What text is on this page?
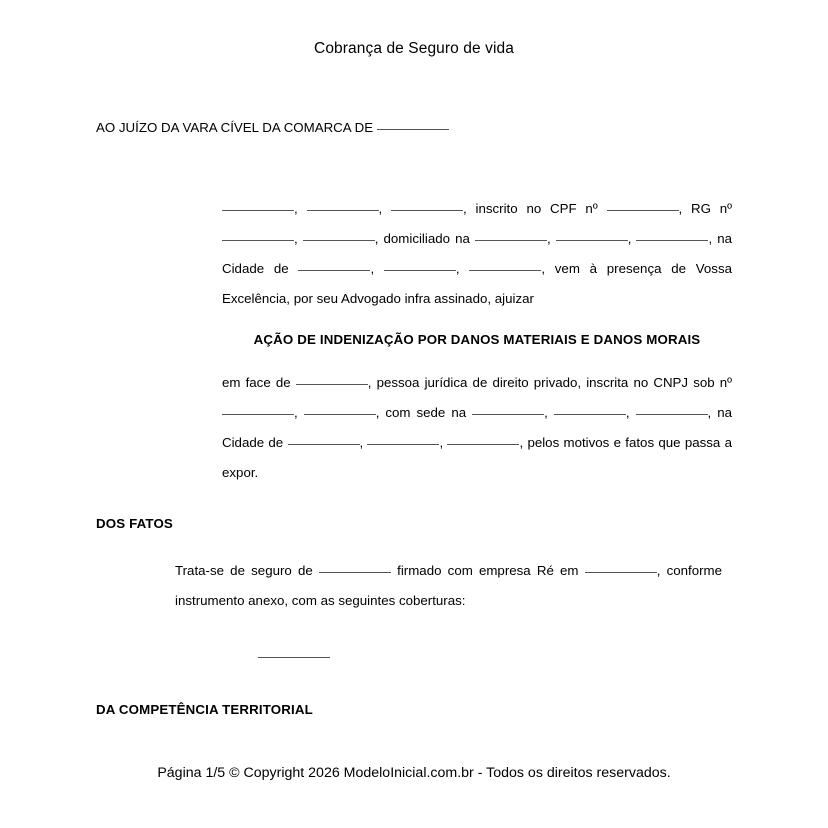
Cobrança de Seguro de vida

AO JUÍZO DA VARA CÍVEL DA COMARCA DE

,	,	, inscrito no CPF nº	, RG nº ,	, domiciliado na	,	,	, na Cidade de	,	,	, vem à presença de Vossa Excelência, por seu Advogado infra assinado, ajuizar

AÇÃO DE INDENIZAÇÃO POR DANOS MATERIAIS E DANOS MORAIS

em face de	, pessoa jurídica de direito privado, inscrita no CNPJ sob nº ,	, com sede na	,	,	, na Cidade de	,	,	, pelos motivos e fatos que passa a expor.

DOS FATOS

Trata-se de seguro de	firmado com empresa Ré em	, conforme instrumento anexo, com as seguintes coberturas:

DA COMPETÊNCIA TERRITORIAL

Página 1/5 © Copyright 2026 ModeloInicial.com.br - Todos os direitos reservados.
